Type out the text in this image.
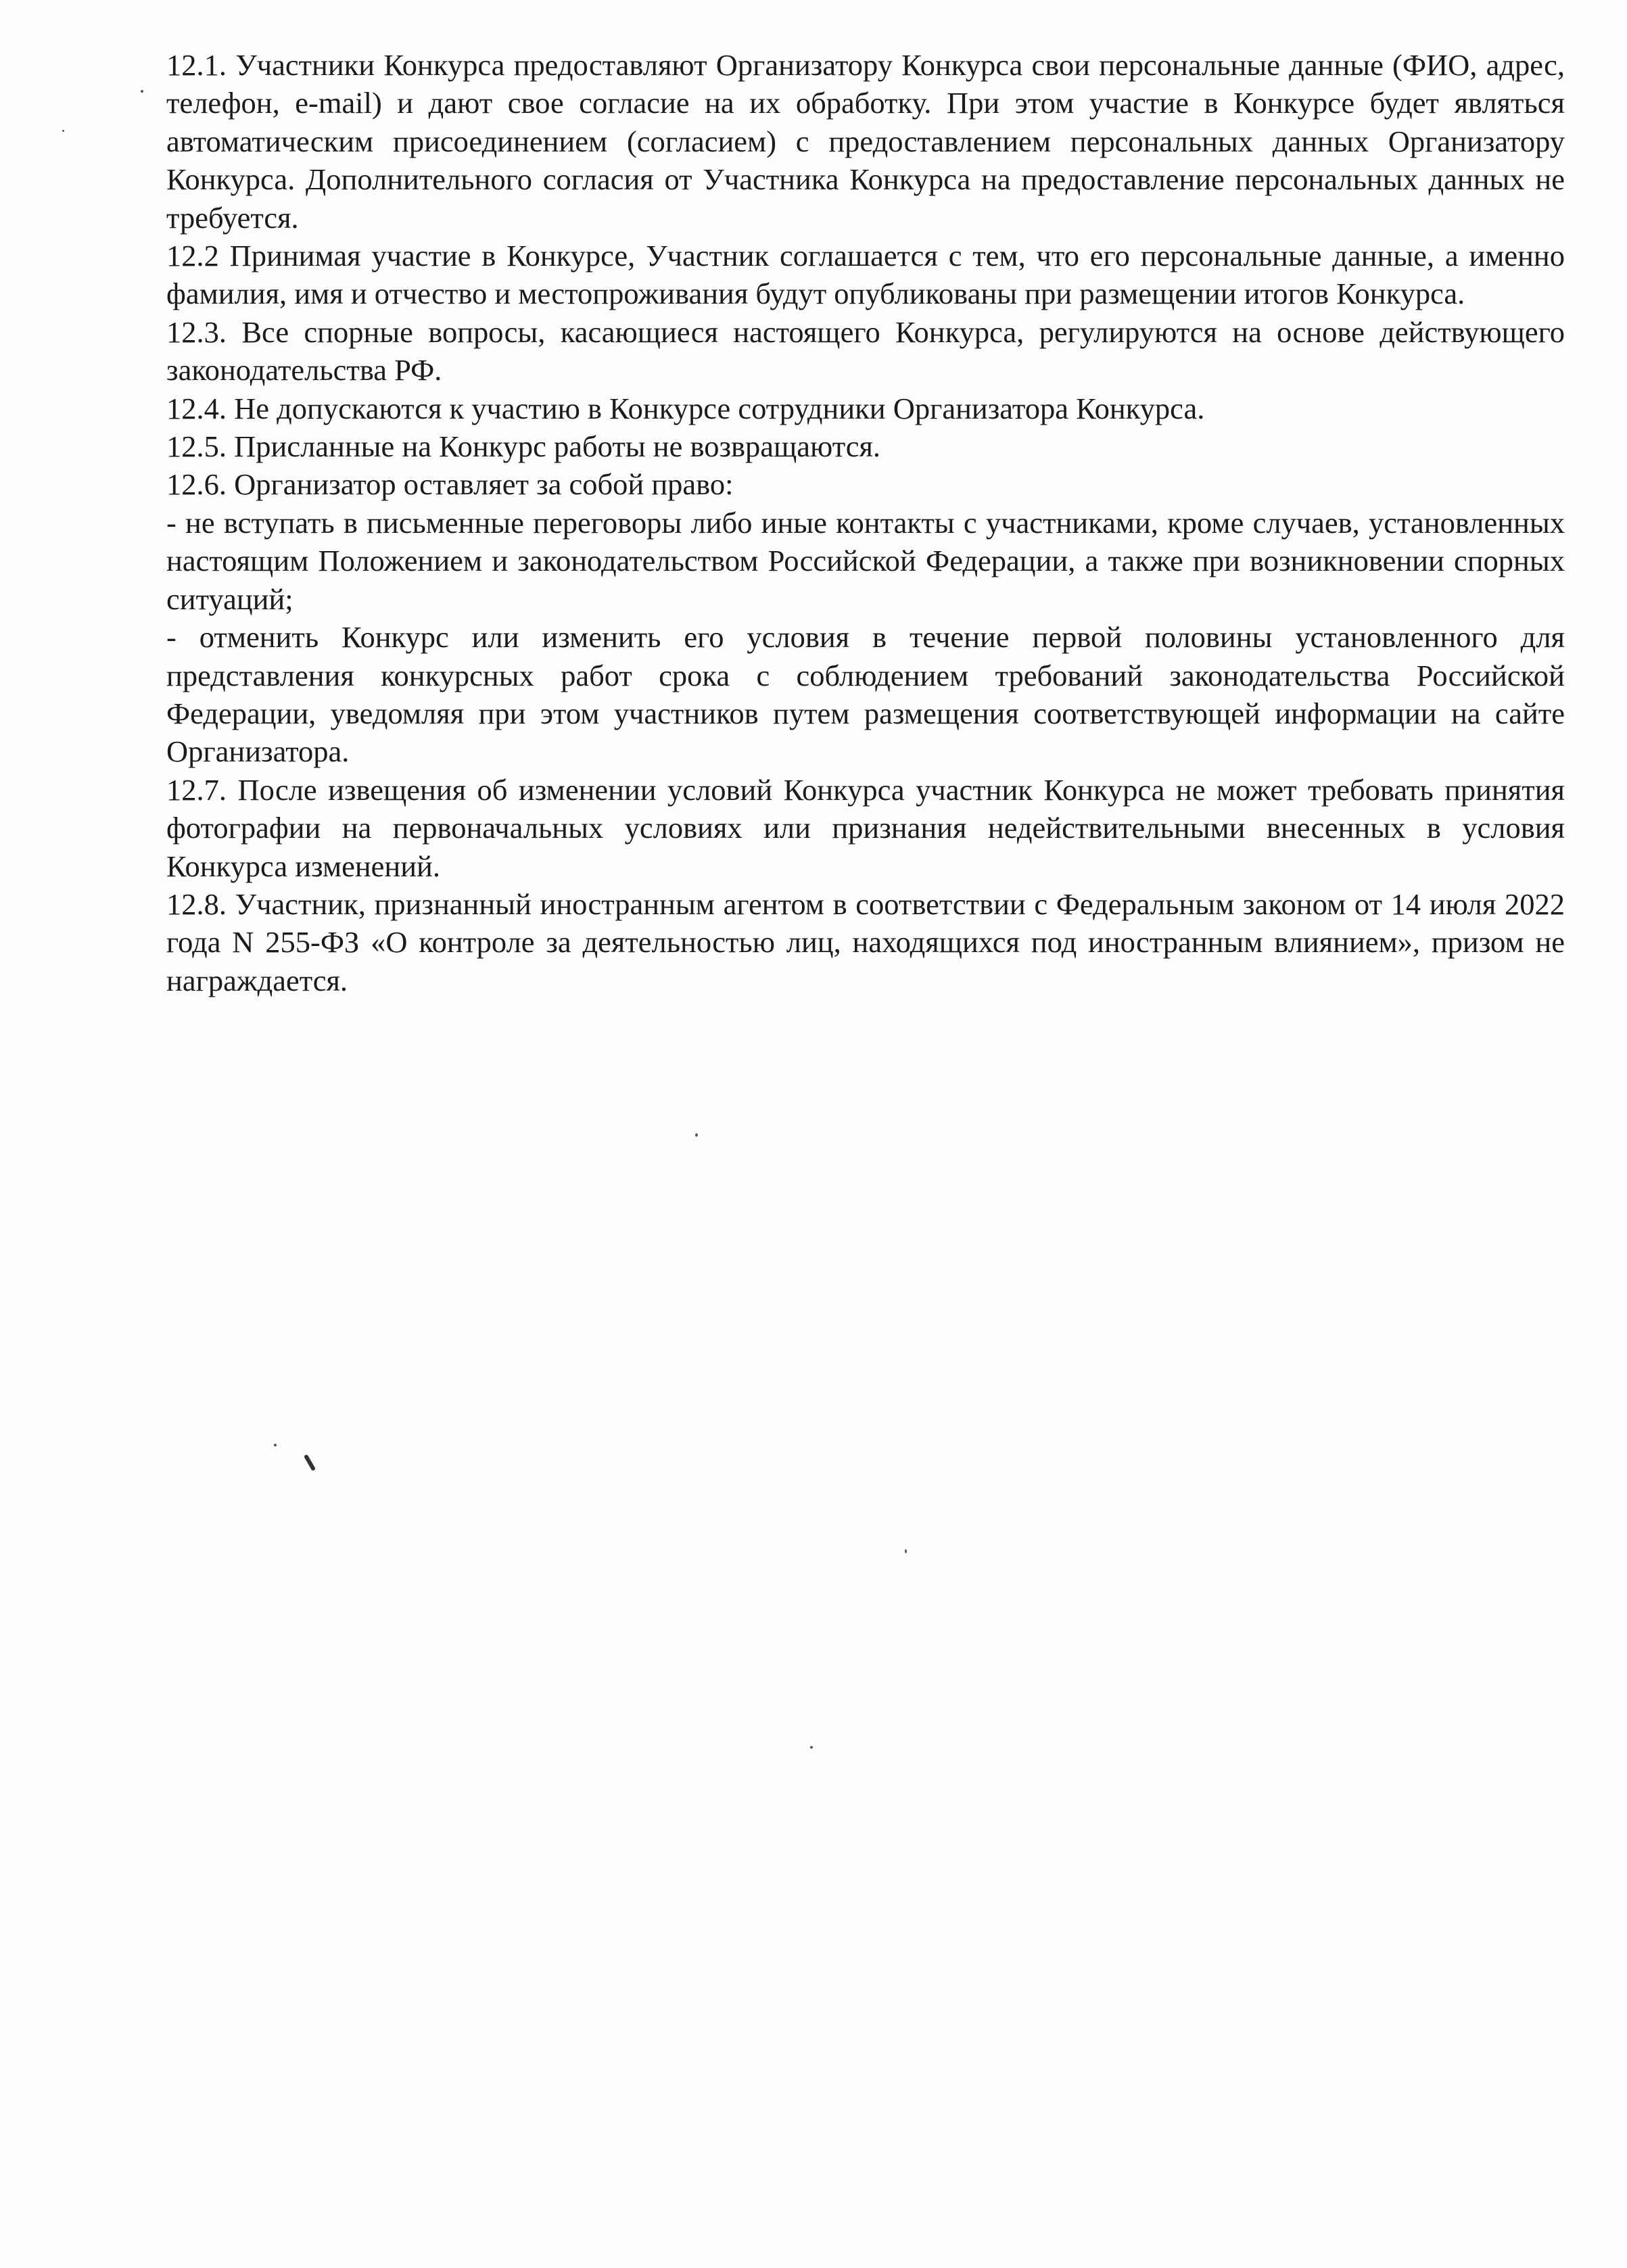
12.1. Участники Конкурса предоставляют Организатору Конкурса свои персональные данные (ФИО, адрес, телефон, e-mail) и дают свое согласие на их обработку. При этом участие в Конкурсе будет являться автоматическим присоединением (согласием) с предоставлением персональных данных Организатору Конкурса. Дополнительного согласия от Участника Конкурса на предоставление персональных данных не требуется.

12.2 Принимая участие в Конкурсе, Участник соглашается с тем, что его персональные данные, а именно фамилия, имя и отчество и местопроживания будут опубликованы при размещении итогов Конкурса.

12.3. Все спорные вопросы, касающиеся настоящего Конкурса, регулируются на основе действующего законодательства РФ.

12.4. Не допускаются к участию в Конкурсе сотрудники Организатора Конкурса.

12.5. Присланные на Конкурс работы не возвращаются.

12.6. Организатор оставляет за собой право:

- не вступать в письменные переговоры либо иные контакты с участниками, кроме случаев, установленных настоящим Положением и законодательством Российской Федерации, а также при возникновении спорных ситуаций;

- отменить Конкурс или изменить его условия в течение первой половины установленного для представления конкурсных работ срока с соблюдением требований законодательства Российской Федерации, уведомляя при этом участников путем размещения соответствующей информации на сайте Организатора.

12.7. После извещения об изменении условий Конкурса участник Конкурса не может требовать принятия фотографии на первоначальных условиях или признания недействительными внесенных в условия Конкурса изменений.

12.8. Участник, признанный иностранным агентом в соответствии с Федеральным законом от 14 июля 2022 года N 255-ФЗ «О контроле за деятельностью лиц, находящихся под иностранным влиянием», призом не награждается.
